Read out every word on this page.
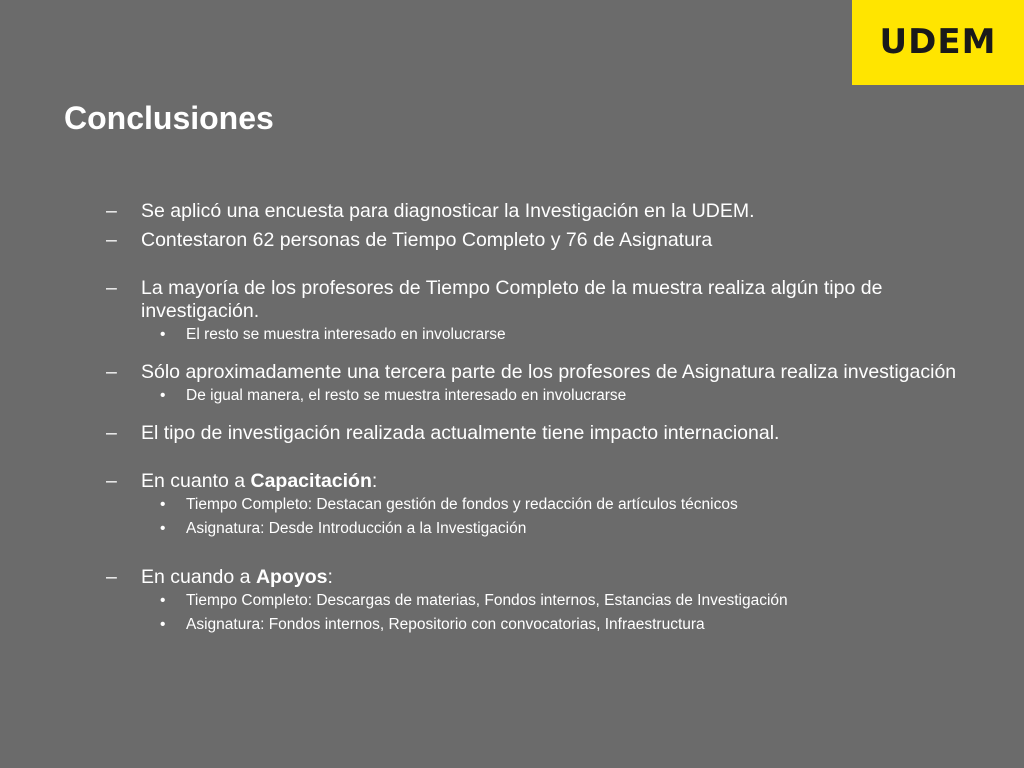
UDEM
Conclusiones
– Se aplicó una encuesta para diagnosticar la Investigación en la UDEM.
– Contestaron 62 personas de Tiempo Completo y 76 de Asignatura
– La mayoría de los profesores de Tiempo Completo de la muestra realiza algún tipo de investigación.
• El resto se muestra interesado en involucrarse
– Sólo aproximadamente una tercera parte de los profesores de Asignatura realiza investigación
• De igual manera, el resto se muestra interesado en involucrarse
– El tipo de investigación realizada actualmente tiene impacto internacional.
– En cuanto a Capacitación:
• Tiempo Completo: Destacan gestión de fondos y redacción de artículos técnicos
• Asignatura: Desde Introducción a la Investigación
– En cuando a Apoyos:
• Tiempo Completo: Descargas de materias, Fondos internos, Estancias de Investigación
• Asignatura: Fondos internos, Repositorio con convocatorias, Infraestructura
